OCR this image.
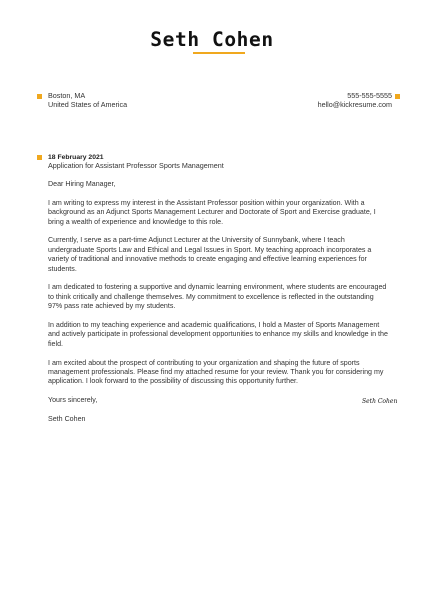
Seth Cohen
Boston, MA
United States of America
555-555-5555
hello@kickresume.com
18 February 2021
Application for Assistant Professor Sports Management

Dear Hiring Manager,

I am writing to express my interest in the Assistant Professor position within your organization. With a background as an Adjunct Sports Management Lecturer and Doctorate of Sport and Exercise graduate, I bring a wealth of experience and knowledge to this role.

Currently, I serve as a part-time Adjunct Lecturer at the University of Sunnybank, where I teach undergraduate Sports Law and Ethical and Legal Issues in Sport. My teaching approach incorporates a variety of traditional and innovative methods to create engaging and effective learning experiences for students.

I am dedicated to fostering a supportive and dynamic learning environment, where students are encouraged to think critically and challenge themselves. My commitment to excellence is reflected in the outstanding 97% pass rate achieved by my students.

In addition to my teaching experience and academic qualifications, I hold a Master of Sports Management and actively participate in professional development opportunities to enhance my skills and knowledge in the field.

I am excited about the prospect of contributing to your organization and shaping the future of sports management professionals. Please find my attached resume for your review. Thank you for considering my application. I look forward to the possibility of discussing this opportunity further.

Yours sincerely,

Seth Cohen

Seth Cohen
